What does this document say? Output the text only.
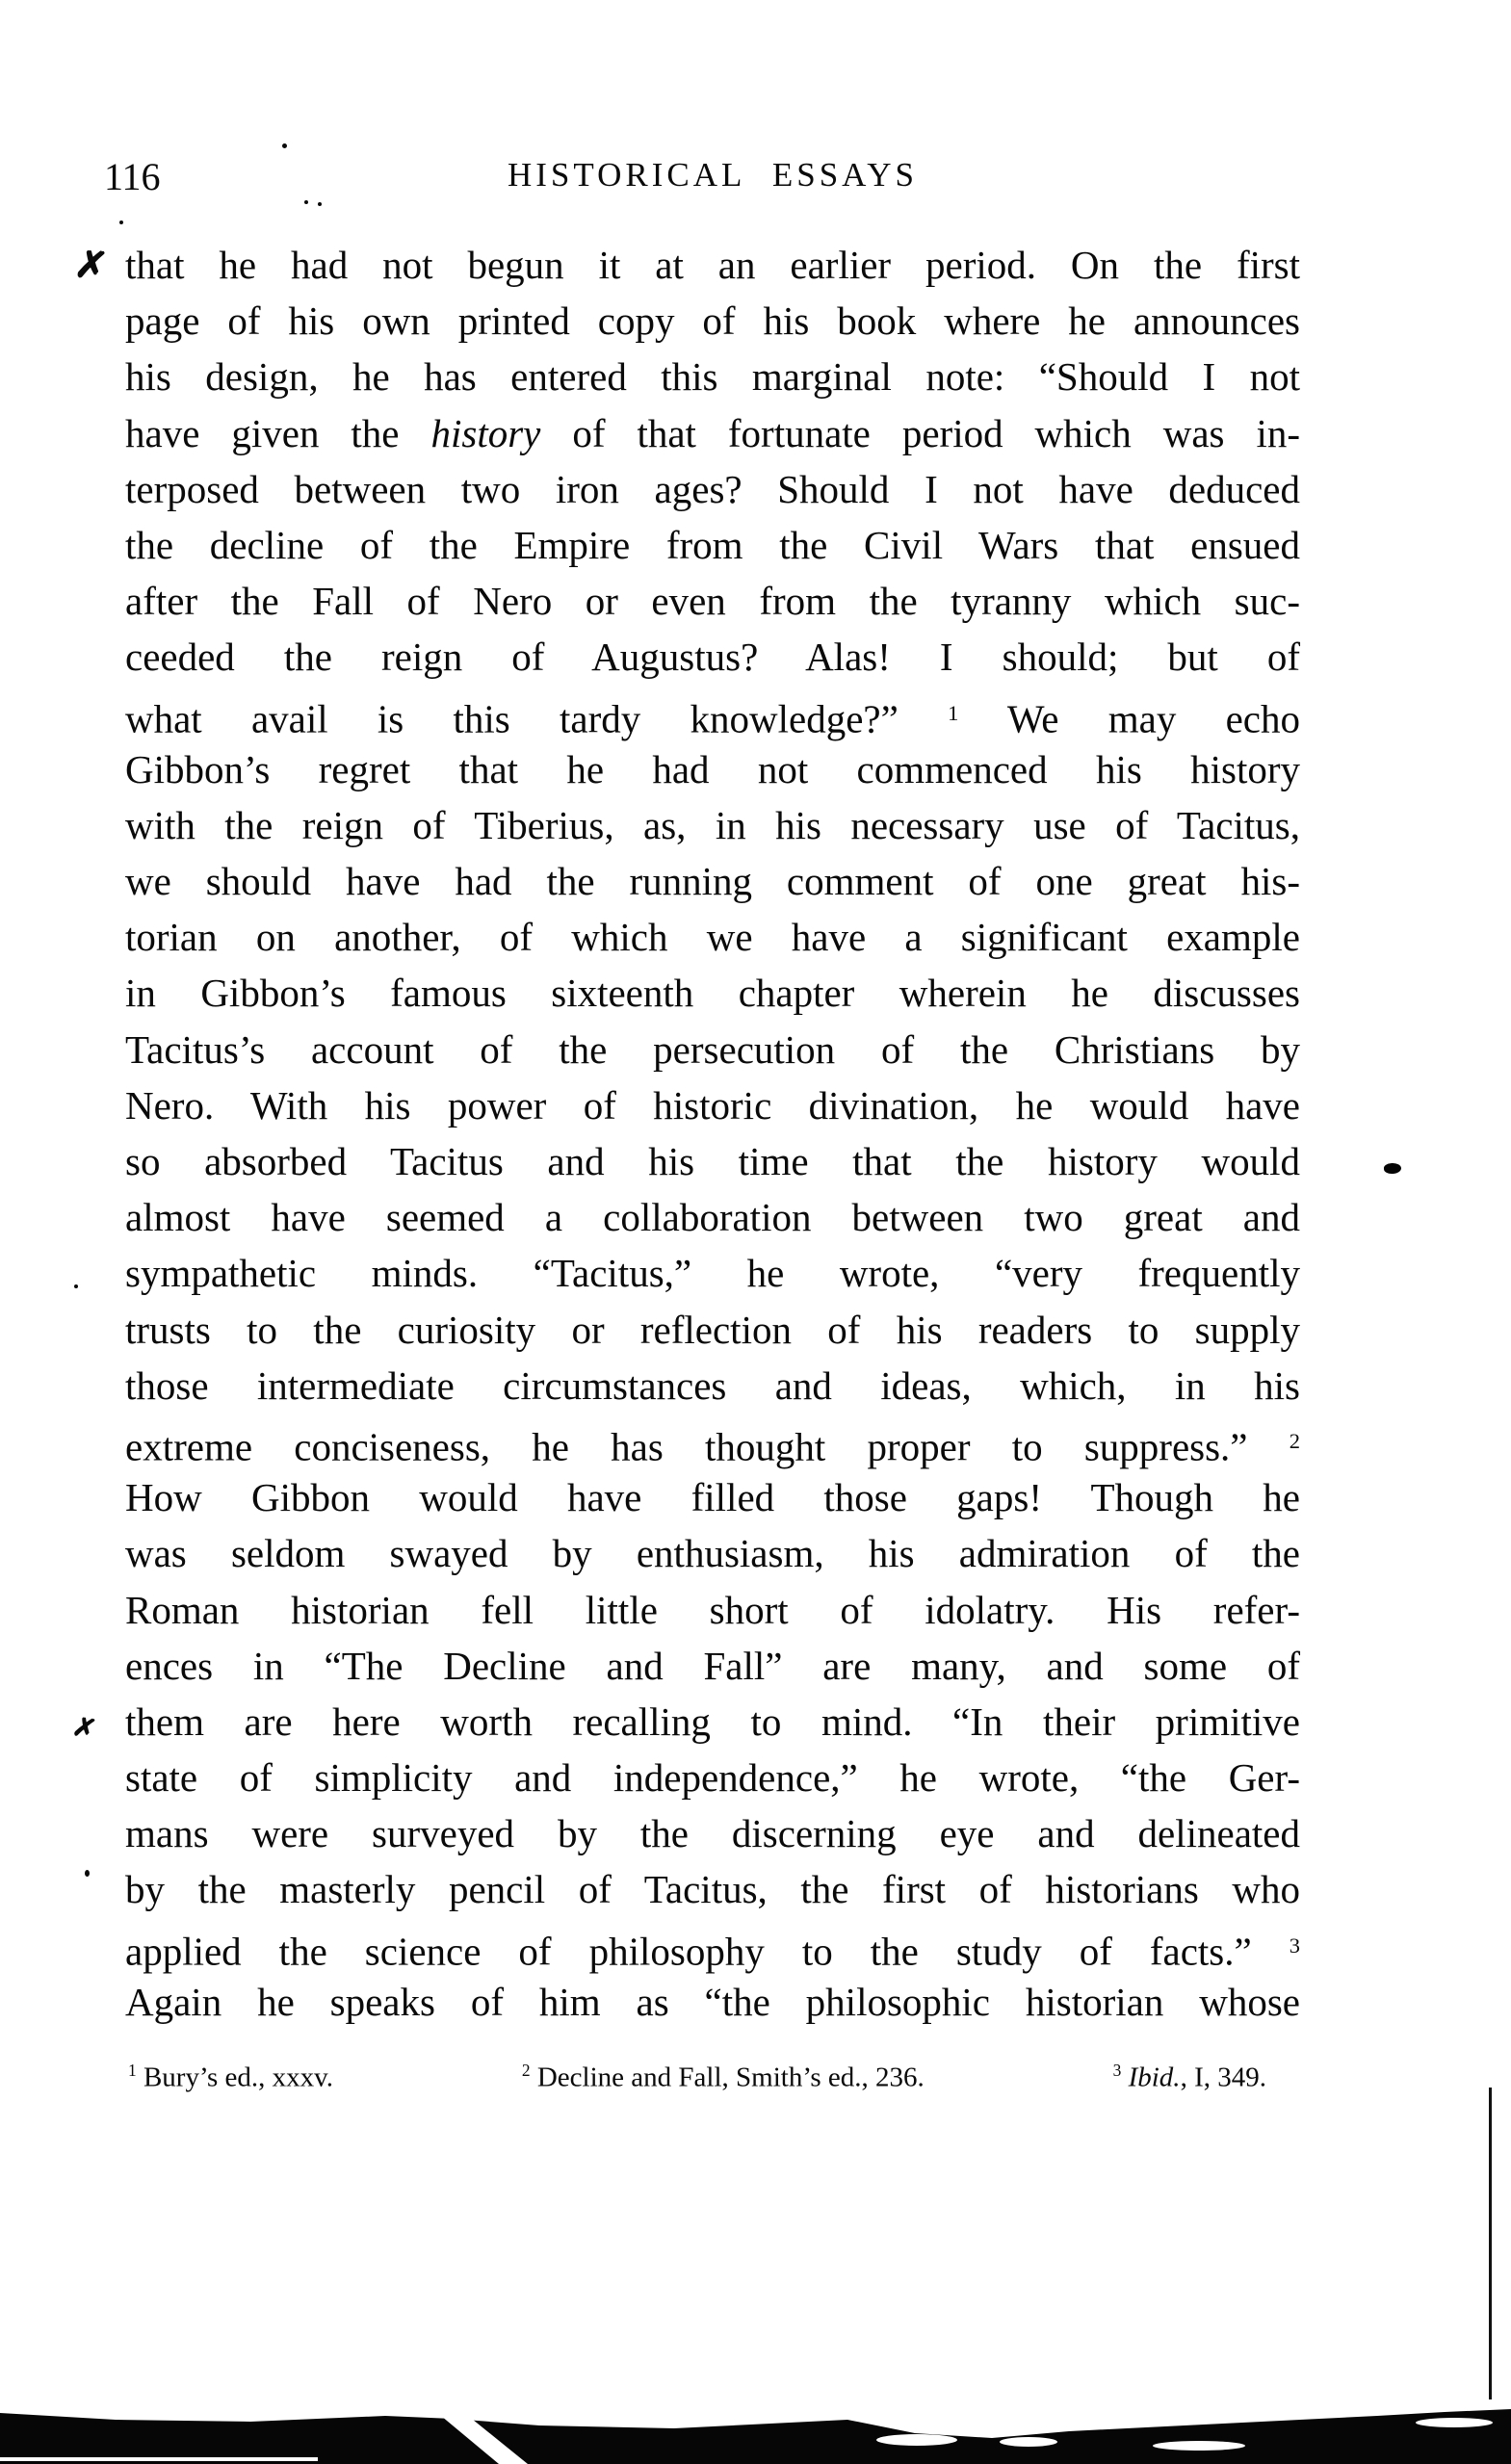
116	HISTORICAL ESSAYS
✗
✗
that he had not begun it at an earlier period. On the first
page of his own printed copy of his book where he announces
his design, he has entered this marginal note: “Should I not
have given the history of that fortunate period which was in-
terposed between two iron ages? Should I not have deduced
the decline of the Empire from the Civil Wars that ensued
after the Fall of Nero or even from the tyranny which suc-
ceeded the reign of Augustus? Alas! I should; but of
what avail is this tardy knowledge?” $^1$ We may echo
Gibbon’s regret that he had not commenced his history
with the reign of Tiberius, as, in his necessary use of Tacitus,
we should have had the running comment of one great his-
torian on another, of which we have a significant example
in Gibbon’s famous sixteenth chapter wherein he discusses
Tacitus’s account of the persecution of the Christians by
Nero. With his power of historic divination, he would have
so absorbed Tacitus and his time that the history would
almost have seemed a collaboration between two great and
sympathetic minds. “Tacitus,” he wrote, “very frequently
trusts to the curiosity or reflection of his readers to supply
those intermediate circumstances and ideas, which, in his
extreme conciseness, he has thought proper to suppress.” $^2$
How Gibbon would have filled those gaps! Though he
was seldom swayed by enthusiasm, his admiration of the
Roman historian fell little short of idolatry. His refer-
ences in “The Decline and Fall” are many, and some of
them are here worth recalling to mind. “In their primitive
state of simplicity and independence,” he wrote, “the Ger-
mans were surveyed by the discerning eye and delineated
by the masterly pencil of Tacitus, the first of historians who
applied the science of philosophy to the study of facts.” $^3$
Again he speaks of him as “the philosophic historian whose
$^1$ Bury’s ed., xxxv.	$^2$ Decline and Fall, Smith’s ed., 236.	$^3$ Ibid., I, 349.
